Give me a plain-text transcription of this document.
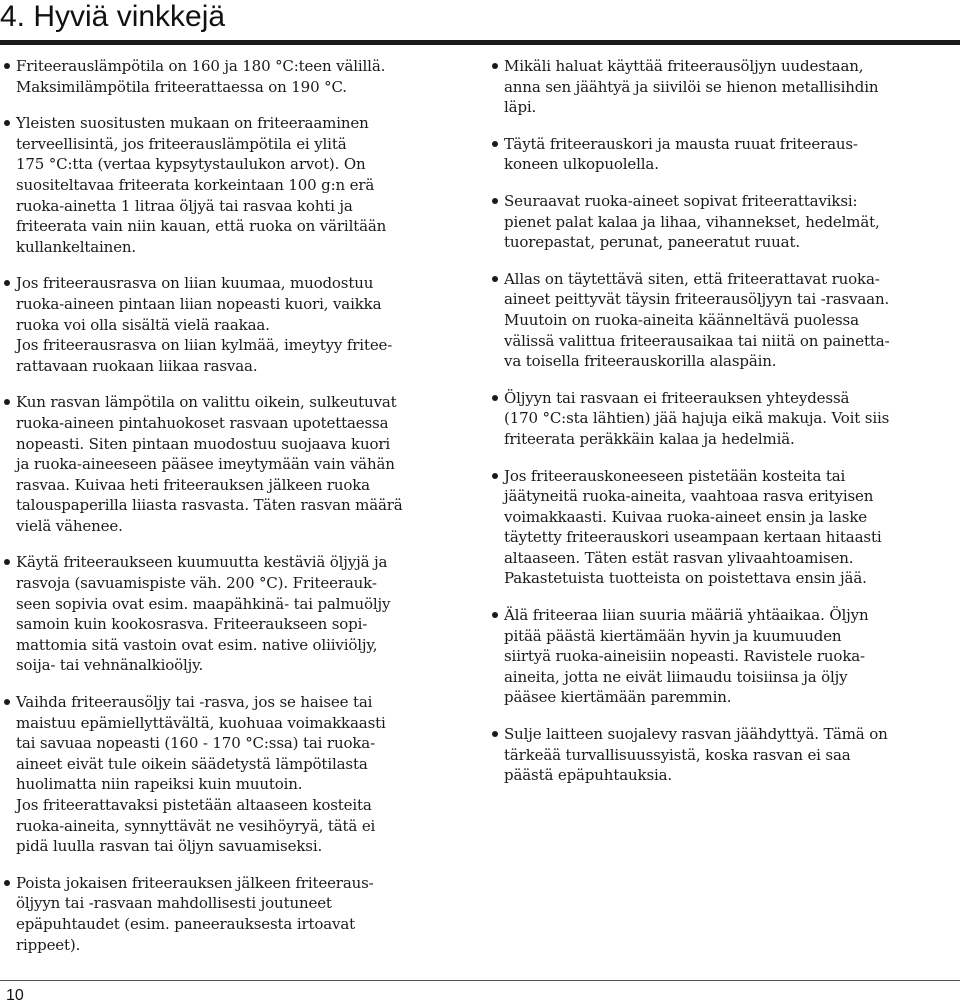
4. Hyviä vinkkejä
Friteerauslämpötila on 160 ja 180 °C:teen välillä.
Maksimilämpötila friteerattaessa on 190 °C.
Yleisten suositusten mukaan on friteeraaminen
terveellisintä, jos friteerauslämpötila ei ylitä
175 °C:tta (vertaa kypsytystaulukon arvot). On
suositeltavaa friteerata korkeintaan 100 g:n erä
ruoka-ainetta 1 litraa öljyä tai rasvaa kohti ja
friteerata vain niin kauan, että ruoka on väriltään
kullankeltainen.
Jos friteerausrasva on liian kuumaa, muodostuu
ruoka-aineen pintaan liian nopeasti kuori, vaikka
ruoka voi olla sisältä vielä raakaa.
Jos friteerausrasva on liian kylmää, imeytyy fritee-
rattavaan ruokaan liikaa rasvaa.
Kun rasvan lämpötila on valittu oikein, sulkeutuvat
ruoka-aineen pintahuokoset rasvaan upotettaessa
nopeasti. Siten pintaan muodostuu suojaava kuori
ja ruoka-aineeseen pääsee imeytymään vain vähän
rasvaa. Kuivaa heti friteerauksen jälkeen ruoka
talouspaperilla liiasta rasvasta. Täten rasvan määrä
vielä vähenee.
Käytä friteeraukseen kuumuutta kestäviä öljyjä ja
rasvoja (savuamispiste väh. 200 °C). Friteerauk-
seen sopivia ovat esim. maapähkinä- tai palmuöljy
samoin kuin kookosrasva. Friteeraukseen sopi-
mattomia sitä vastoin ovat esim. native oliiviöljy,
soija- tai vehnänalkioöljy.
Vaihda friteerausöljy tai -rasva, jos se haisee tai
maistuu epämiellyttävältä, kuohuaa voimakkaasti
tai savuaa nopeasti (160 - 170 °C:ssa) tai ruoka-
aineet eivät tule oikein säädetystä lämpötilasta
huolimatta niin rapeiksi kuin muutoin.
Jos friteerattavaksi pistetään altaaseen kosteita
ruoka-aineita, synnyttävät ne vesihöyryä, tätä ei
pidä luulla rasvan tai öljyn savuamiseksi.
Poista jokaisen friteerauksen jälkeen friteeraus-
öljyyn tai -rasvaan mahdollisesti joutuneet
epäpuhtaudet (esim. paneerauksesta irtoavat
rippeet).
Mikäli haluat käyttää friteerausöljyn uudestaan,
anna sen jäähtyä ja siivilöi se hienon metallisihdin
läpi.
Täytä friteerauskori ja mausta ruuat friteeraus-
koneen ulkopuolella.
Seuraavat ruoka-aineet sopivat friteerattaviksi:
pienet palat kalaa ja lihaa, vihannekset, hedelmät,
tuorepastat, perunat, paneeratut ruuat.
Allas on täytettävä siten, että friteerattavat ruoka-
aineet peittyvät täysin friteerausöljyyn tai -rasvaan.
Muutoin on ruoka-aineita käänneltävä puolessa
välissä valittua friteerausaikaa tai niitä on painetta-
va toisella friteerauskorilla alaspäin.
Öljyyn tai rasvaan ei friteerauksen yhteydessä
(170 °C:sta lähtien) jää hajuja eikä makuja. Voit siis
friteerata peräkkäin kalaa ja hedelmiä.
Jos friteerauskoneeseen pistetään kosteita tai
jäätyneitä ruoka-aineita, vaahtoaa rasva erityisen
voimakkaasti. Kuivaa ruoka-aineet ensin ja laske
täytetty friteerauskori useampaan kertaan hitaasti
altaaseen. Täten estät rasvan ylivaahtoamisen.
Pakastetuista tuotteista on poistettava ensin jää.
Älä friteeraa liian suuria määriä yhtäaikaa. Öljyn
pitää päästä kiertämään hyvin ja kuumuuden
siirtyä ruoka-aineisiin nopeasti. Ravistele ruoka-
aineita, jotta ne eivät liimaudu toisiinsa ja öljy
pääsee kiertämään paremmin.
Sulje laitteen suojalevy rasvan jäähdyttyä. Tämä on
tärkeää turvallisuussyistä, koska rasvan ei saa
päästä epäpuhtauksia.
10
